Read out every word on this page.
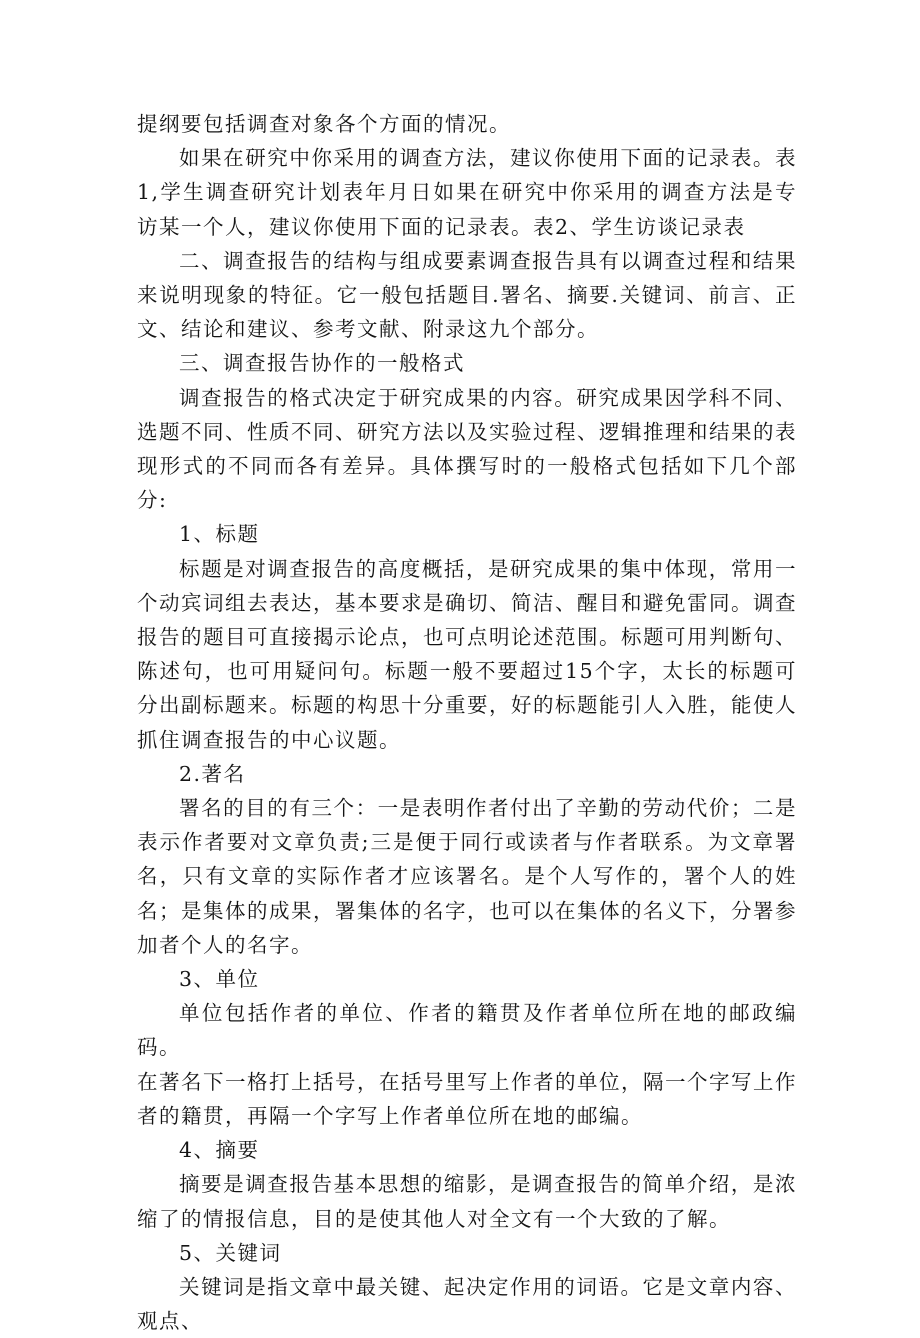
提纲要包括调查对象各个方面的情况。

如果在研究中你采用的调查方法，建议你使用下面的记录表。表1,学生调查研究计划表年月日如果在研究中你采用的调查方法是专访某一个人，建议你使用下面的记录表。表2、学生访谈记录表

二、调查报告的结构与组成要素调查报告具有以调查过程和结果来说明现象的特征。它一般包括题目.署名、摘要.关键词、前言、正文、结论和建议、参考文献、附录这九个部分。

三、调查报告协作的一般格式

调查报告的格式决定于研究成果的内容。研究成果因学科不同、选题不同、性质不同、研究方法以及实验过程、逻辑推理和结果的表现形式的不同而各有差异。具体撰写时的一般格式包括如下几个部分:

1、标题

标题是对调查报告的高度概括，是研究成果的集中体现，常用一个动宾词组去表达，基本要求是确切、简洁、醒目和避免雷同。调查报告的题目可直接揭示论点，也可点明论述范围。标题可用判断句、陈述句，也可用疑问句。标题一般不要超过15个字，太长的标题可分出副标题来。标题的构思十分重要，好的标题能引人入胜，能使人抓住调查报告的中心议题。

2.著名

署名的目的有三个：一是表明作者付出了辛勤的劳动代价；二是表示作者要对文章负责;三是便于同行或读者与作者联系。为文章署名，只有文章的实际作者才应该署名。是个人写作的，署个人的姓名；是集体的成果，署集体的名字，也可以在集体的名义下，分署参加者个人的名字。

3、单位

单位包括作者的单位、作者的籍贯及作者单位所在地的邮政编码。

在著名下一格打上括号，在括号里写上作者的单位，隔一个字写上作者的籍贯，再隔一个字写上作者单位所在地的邮编。

4、摘要

摘要是调查报告基本思想的缩影，是调查报告的简单介绍，是浓缩了的情报信息，目的是使其他人对全文有一个大致的了解。

5、关键词

关键词是指文章中最关键、起决定作用的词语。它是文章内容、观点、
